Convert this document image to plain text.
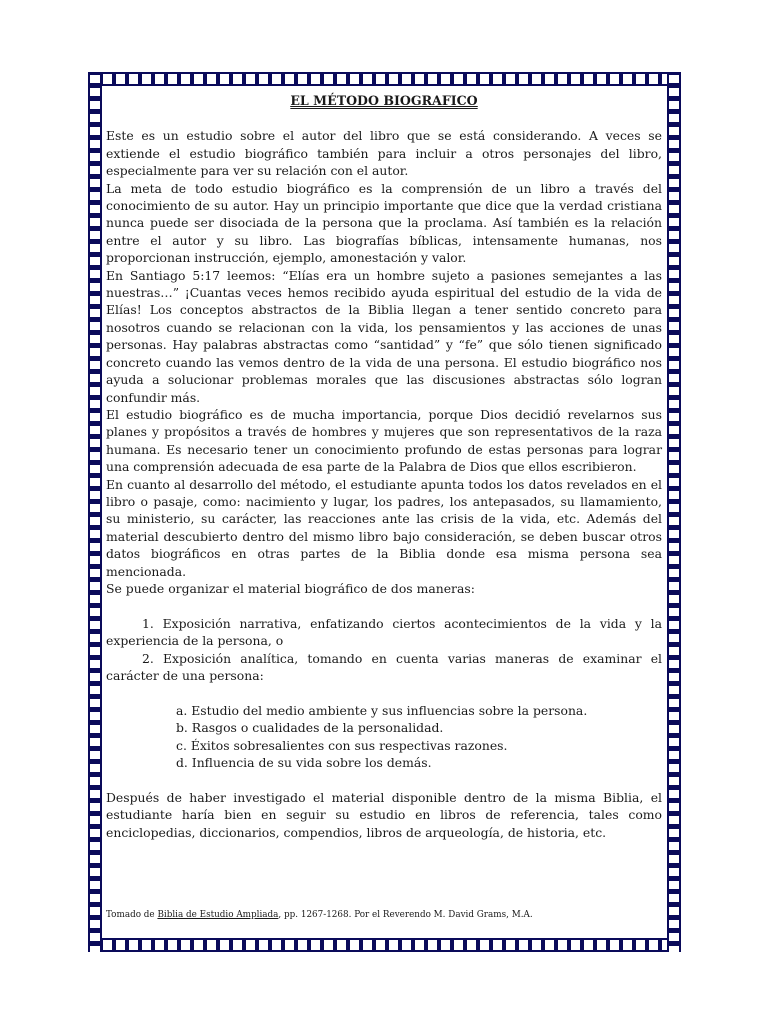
EL MÉTODO BIOGRAFICO

Este es un estudio sobre el autor del libro que se está considerando. A veces se extiende el estudio biográfico también para incluir a otros personajes del libro, especialmente para ver su relación con el autor.

La meta de todo estudio biográfico es la comprensión de un libro a través del conocimiento de su autor. Hay un principio importante que dice que la verdad cristiana nunca puede ser disociada de la persona que la proclama. Así también es la relación entre el autor y su libro. Las biografías bíblicas, intensamente humanas, nos proporcionan instrucción, ejemplo, amonestación y valor.

En Santiago 5:17 leemos: “Elías era un hombre sujeto a pasiones semejantes a las nuestras…” ¡Cuantas veces hemos recibido ayuda espiritual del estudio de la vida de Elías! Los conceptos abstractos de la Biblia llegan a tener sentido concreto para nosotros cuando se relacionan con la vida, los pensamientos y las acciones de unas personas. Hay palabras abstractas como “santidad” y “fe” que sólo tienen significado concreto cuando las vemos dentro de la vida de una persona. El estudio biográfico nos ayuda a solucionar problemas morales que las discusiones abstractas sólo logran confundir más.

El estudio biográfico es de mucha importancia, porque Dios decidió revelarnos sus planes y propósitos a través de hombres y mujeres que son representativos de la raza humana. Es necesario tener un conocimiento profundo de estas personas para lograr una comprensión adecuada de esa parte de la Palabra de Dios que ellos escribieron.

En cuanto al desarrollo del método, el estudiante apunta todos los datos revelados en el libro o pasaje, como: nacimiento y lugar, los padres, los antepasados, su llamamiento, su ministerio, su carácter, las reacciones ante las crisis de la vida, etc. Además del material descubierto dentro del mismo libro bajo consideración, se deben buscar otros datos biográficos en otras partes de la Biblia donde esa misma persona sea mencionada.

Se puede organizar el material biográfico de dos maneras:

1. Exposición narrativa, enfatizando ciertos acontecimientos de la vida y la experiencia de la persona, o

2. Exposición analítica, tomando en cuenta varias maneras de examinar el carácter de una persona:

a. Estudio del medio ambiente y sus influencias sobre la persona.

b. Rasgos o cualidades de la personalidad.

c. Éxitos sobresalientes con sus respectivas razones.

d. Influencia de su vida sobre los demás.

Después de haber investigado el material disponible dentro de la misma Biblia, el estudiante haría bien en seguir su estudio en libros de referencia, tales como enciclopedias, diccionarios, compendios, libros de arqueología, de historia, etc.

Tomado de Biblia de Estudio Ampliada, pp. 1267-1268. Por el Reverendo M. David Grams, M.A.
